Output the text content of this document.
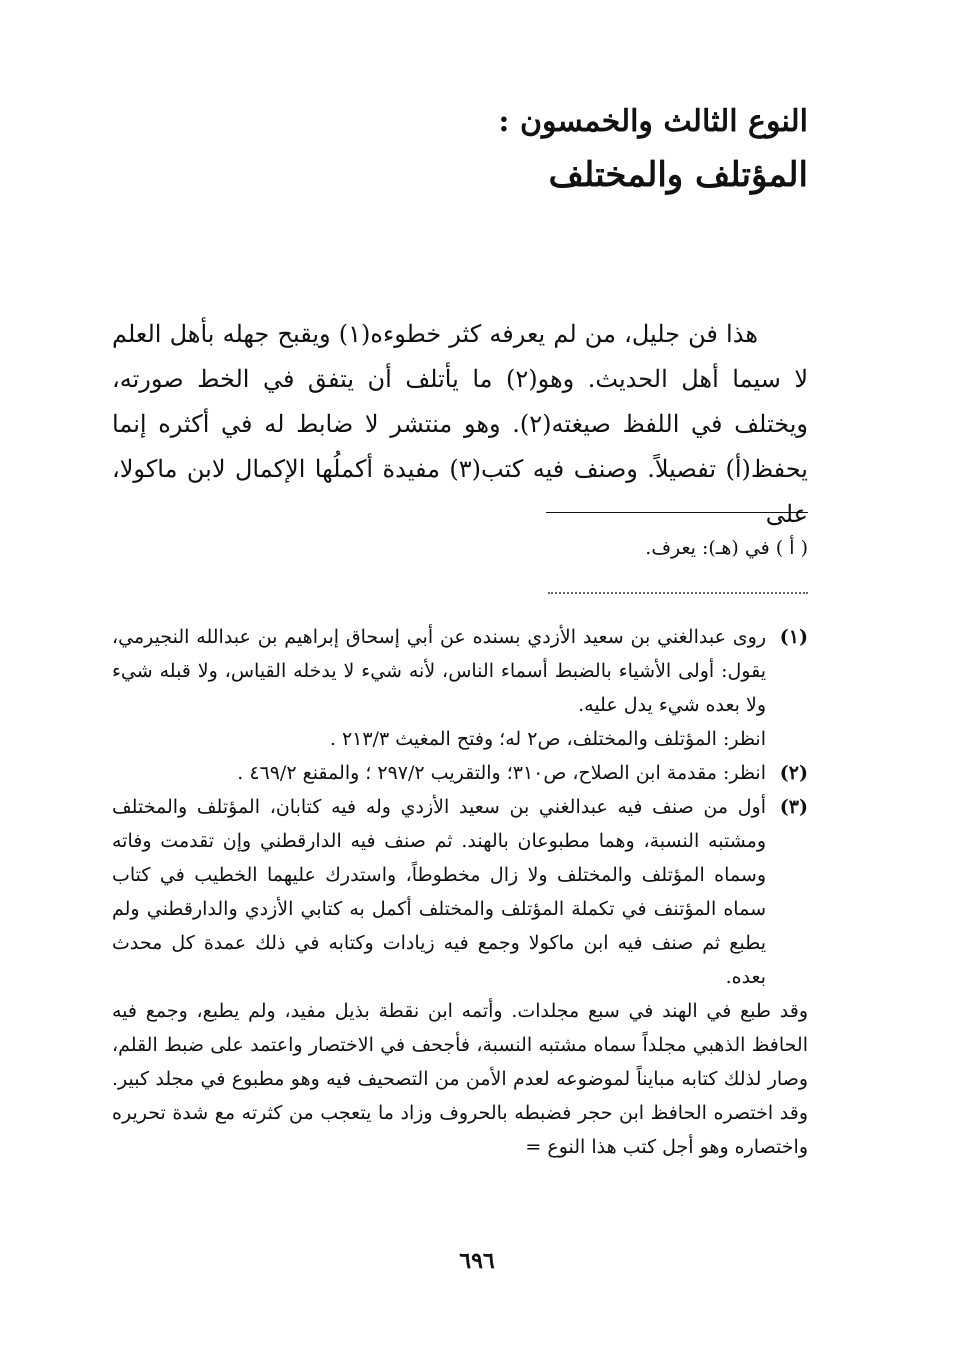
النوع الثالث والخمسون :
المؤتلف والمختلف

هذا فن جليل، من لم يعرفه كثر خطوءه(١) ويقبح جهله بأهل العلم لا سيما أهل الحديث. وهو(٢) ما يأتلف أن يتفق في الخط صورته، ويختلف في اللفظ صيغته(٢). وهو منتشر لا ضابط له في أكثره إنما يحفظ(أ) تفصيلاً. وصنف فيه كتب(٣) مفيدة أكملُها الإكمال لابن ماكولا، على

( أ ) في (هـ): يعرف.
(١)

روى عبدالغني بن سعيد الأزدي بسنده عن أبي إسحاق إبراهيم بن عبدالله النجيرمي، يقول: أولى الأشياء بالضبط أسماء الناس، لأنه شيء لا يدخله القياس، ولا قبله شيء ولا بعده شيء يدل عليه.

انظر: المؤتلف والمختلف، ص٢ له؛ وفتح المغيث ٢١٣/٣ .

(٢)

انظر: مقدمة ابن الصلاح، ص٣١٠؛ والتقريب ٢٩٧/٢ ؛ والمقنع ٤٦٩/٢ .

(٣)

أول من صنف فيه عبدالغني بن سعيد الأزدي وله فيه كتابان، المؤتلف والمختلف ومشتبه النسبة، وهما مطبوعان بالهند. ثم صنف فيه الدارقطني وإن تقدمت وفاته وسماه المؤتلف والمختلف ولا زال مخطوطاً، واستدرك عليهما الخطيب في كتاب سماه المؤتنف في تكملة المؤتلف والمختلف أكمل به كتابي الأزدي والدارقطني ولم يطبع ثم صنف فيه ابن ماكولا وجمع فيه زيادات وكتابه في ذلك عمدة كل محدث بعده.

وقد طبع في الهند في سبع مجلدات. وأتمه ابن نقطة بذيل مفيد، ولم يطبع، وجمع فيه الحافظ الذهبي مجلداً سماه مشتبه النسبة، فأجحف في الاختصار واعتمد على ضبط القلم، وصار لذلك كتابه مبايناً لموضوعه لعدم الأمن من التصحيف فيه وهو مطبوع في مجلد كبير. وقد اختصره الحافظ ابن حجر فضبطه بالحروف وزاد ما يتعجب من كثرته مع شدة تحريره واختصاره وهو أجل كتب هذا النوع =

٦٩٦
